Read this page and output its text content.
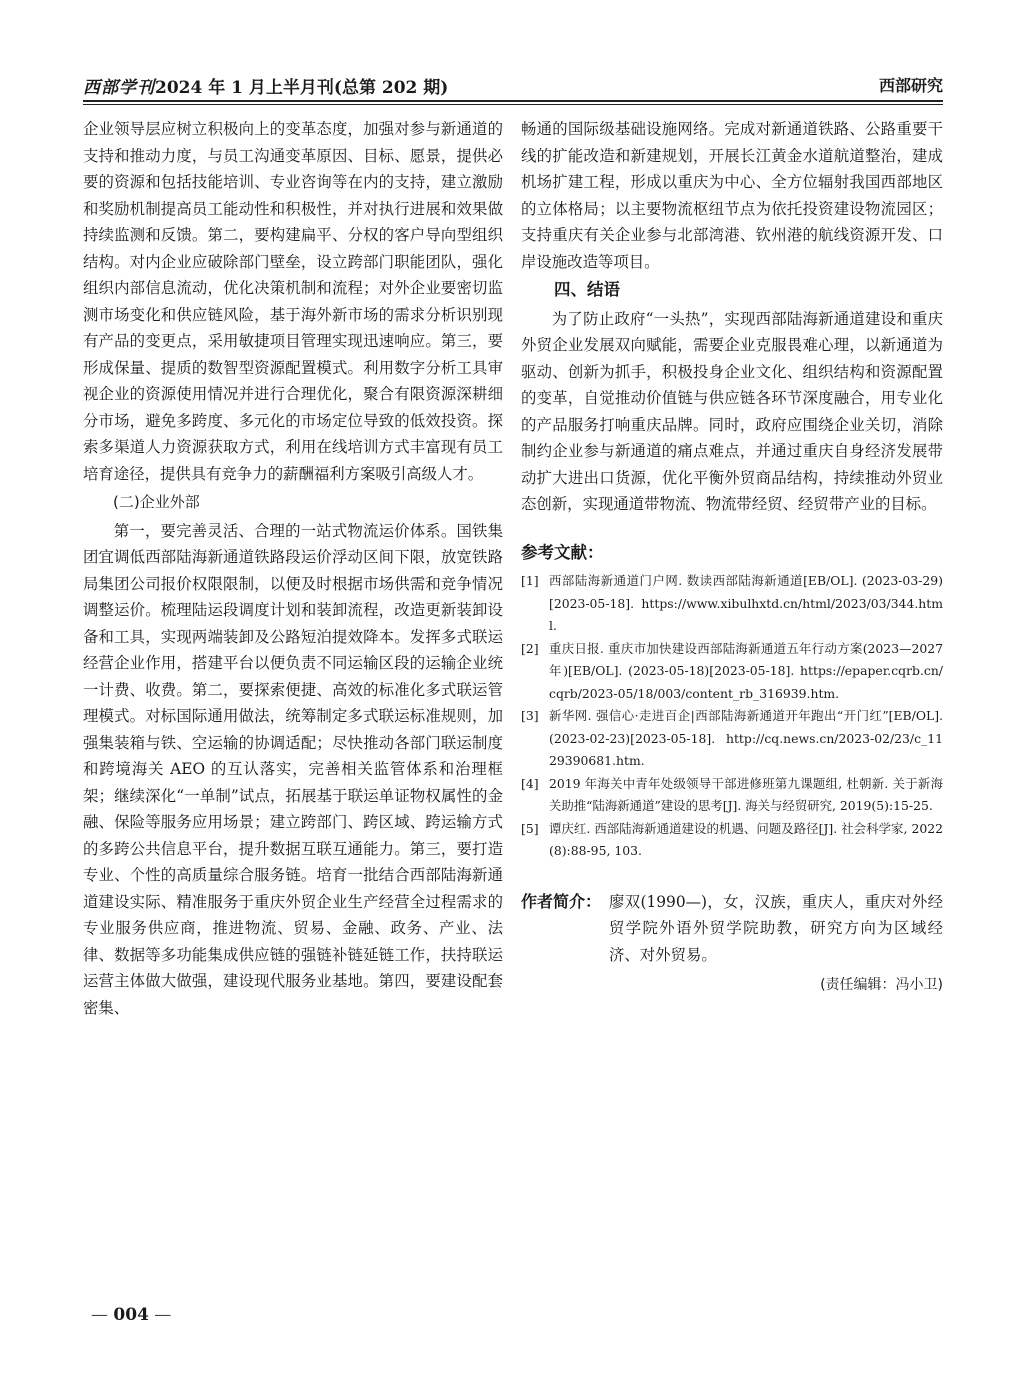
西部学刊2024 年 1 月上半月刊(总第 202 期)	西部研究

企业领导层应树立积极向上的变革态度，加强对参与新通道的支持和推动力度，与员工沟通变革原因、目标、愿景，提供必要的资源和包括技能培训、专业咨询等在内的支持，建立激励和奖励机制提高员工能动性和积极性，并对执行进展和效果做持续监测和反馈。第二，要构建扁平、分权的客户导向型组织结构。对内企业应破除部门壁垒，设立跨部门职能团队，强化组织内部信息流动，优化决策机制和流程；对外企业要密切监测市场变化和供应链风险，基于海外新市场的需求分析识别现有产品的变更点，采用敏捷项目管理实现迅速响应。第三，要形成保量、提质的数智型资源配置模式。利用数字分析工具审视企业的资源使用情况并进行合理优化，聚合有限资源深耕细分市场，避免多跨度、多元化的市场定位导致的低效投资。探索多渠道人力资源获取方式，利用在线培训方式丰富现有员工培育途径，提供具有竞争力的薪酬福利方案吸引高级人才。

(二)企业外部

第一，要完善灵活、合理的一站式物流运价体系。国铁集团宜调低西部陆海新通道铁路段运价浮动区间下限，放宽铁路局集团公司报价权限限制，以便及时根据市场供需和竞争情况调整运价。梳理陆运段调度计划和装卸流程，改造更新装卸设备和工具，实现两端装卸及公路短泊提效降本。发挥多式联运经营企业作用，搭建平台以便负责不同运输区段的运输企业统一计费、收费。第二，要探索便捷、高效的标准化多式联运管理模式。对标国际通用做法，统筹制定多式联运标准规则，加强集装箱与铁、空运输的协调适配；尽快推动各部门联运制度和跨境海关 AEO 的互认落实，完善相关监管体系和治理框架；继续深化“一单制”试点，拓展基于联运单证物权属性的金融、保险等服务应用场景；建立跨部门、跨区域、跨运输方式的多跨公共信息平台，提升数据互联互通能力。第三，要打造专业、个性的高质量综合服务链。培育一批结合西部陆海新通道建设实际、精准服务于重庆外贸企业生产经营全过程需求的专业服务供应商，推进物流、贸易、金融、政务、产业、法律、数据等多功能集成供应链的强链补链延链工作，扶持联运运营主体做大做强，建设现代服务业基地。第四，要建设配套密集、

畅通的国际级基础设施网络。完成对新通道铁路、公路重要干线的扩能改造和新建规划，开展长江黄金水道航道整治，建成机场扩建工程，形成以重庆为中心、全方位辐射我国西部地区的立体格局；以主要物流枢纽节点为依托投资建设物流园区；支持重庆有关企业参与北部湾港、钦州港的航线资源开发、口岸设施改造等项目。

四、结语

为了防止政府“一头热”，实现西部陆海新通道建设和重庆外贸企业发展双向赋能，需要企业克服畏难心理，以新通道为驱动、创新为抓手，积极投身企业文化、组织结构和资源配置的变革，自觉推动价值链与供应链各环节深度融合，用专业化的产品服务打响重庆品牌。同时，政府应围绕企业关切，消除制约企业参与新通道的痛点难点，并通过重庆自身经济发展带动扩大进出口货源，优化平衡外贸商品结构，持续推动外贸业态创新，实现通道带物流、物流带经贸、经贸带产业的目标。

参考文献：
[1] 西部陆海新通道门户网. 数读西部陆海新通道[EB/OL]. (2023-03-29)[2023-05-18]. https://www.xibulhxtd.cn/html/2023/03/344.html.
[2] 重庆日报. 重庆市加快建设西部陆海新通道五年行动方案(2023—2027 年)[EB/OL]. (2023-05-18)[2023-05-18]. https://epaper.cqrb.cn/cqrb/2023-05/18/003/content_rb_316939.htm.
[3] 新华网. 强信心·走进百企|西部陆海新通道开年跑出“开门红”[EB/OL]. (2023-02-23)[2023-05-18]. http://cq.news.cn/2023-02/23/c_1129390681.htm.
[4] 2019 年海关中青年处级领导干部进修班第九课题组, 杜朝新. 关于新海关助推“陆海新通道”建设的思考[J]. 海关与经贸研究, 2019(5):15-25.
[5] 谭庆红. 西部陆海新通道建设的机遇、问题及路径[J]. 社会科学家, 2022(8):88-95, 103.
作者简介： 廖双(1990—)，女，汉族，重庆人，重庆对外经贸学院外语外贸学院助教，研究方向为区域经济、对外贸易。
(责任编辑：冯小卫)
— 004 —
